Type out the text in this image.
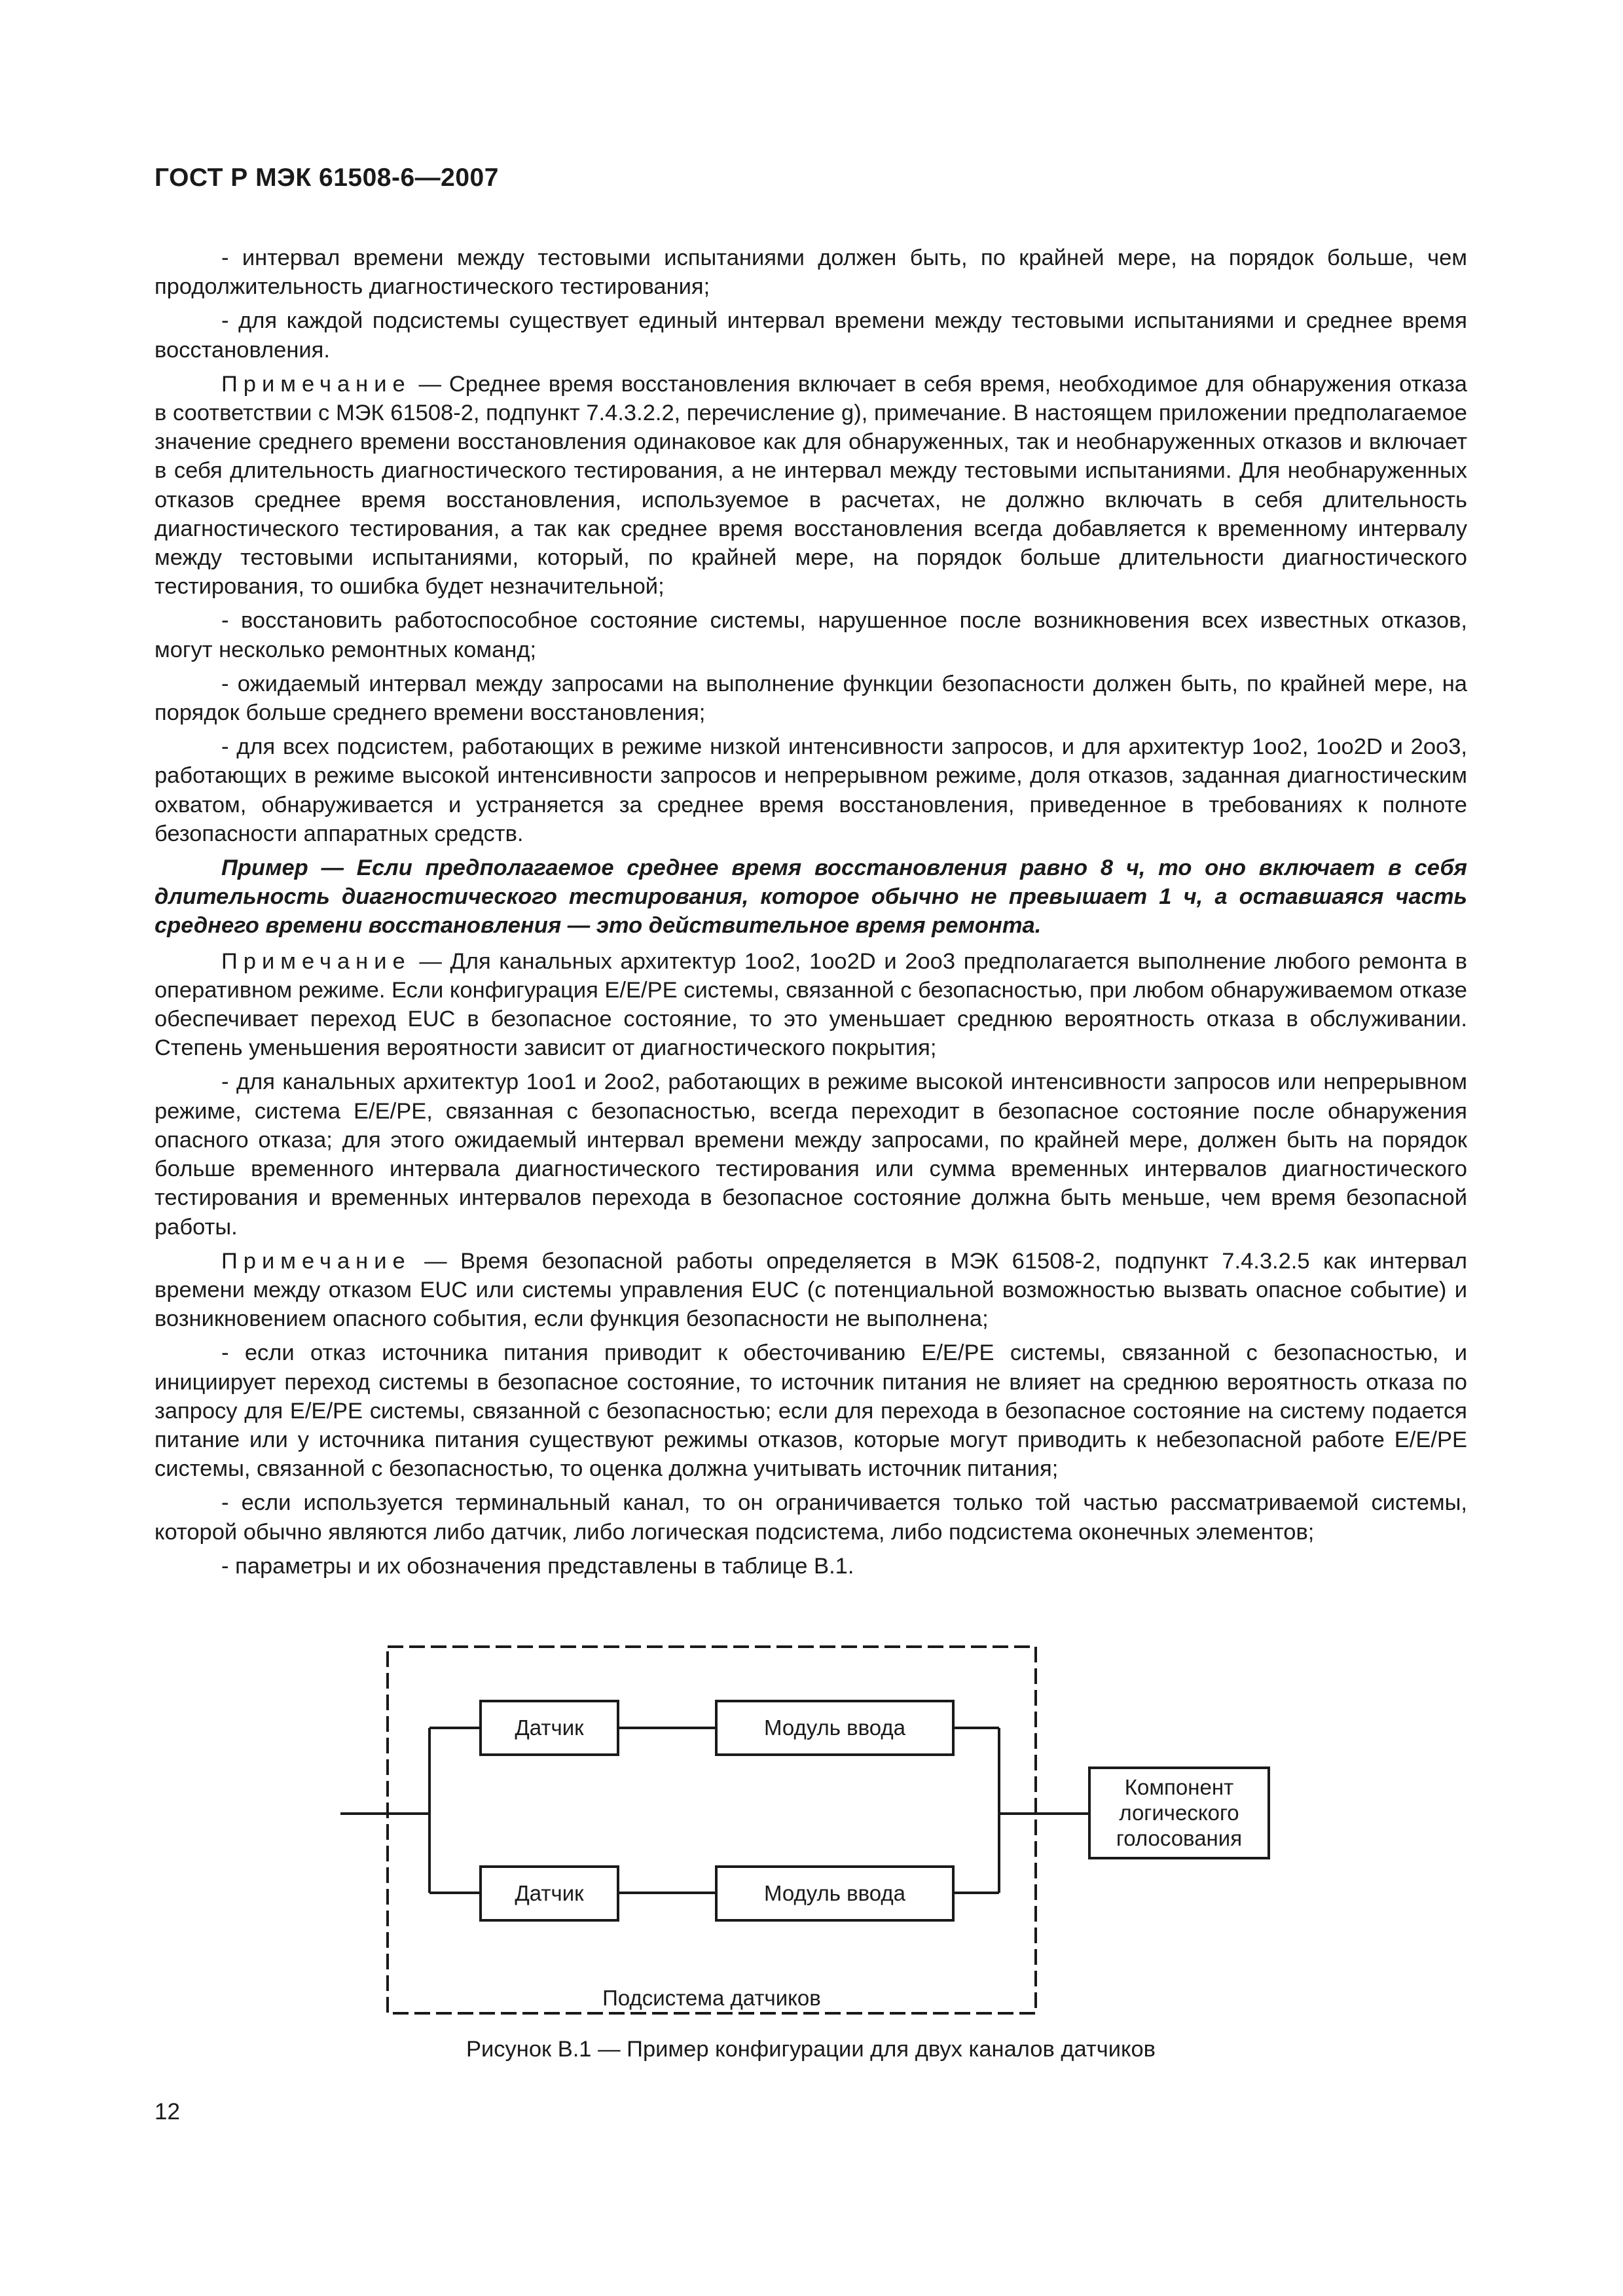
ГОСТ Р МЭК 61508-6—2007

- интервал времени между тестовыми испытаниями должен быть, по крайней мере, на порядок больше, чем продолжительность диагностического тестирования;

- для каждой подсистемы существует единый интервал времени между тестовыми испытаниями и среднее время восстановления.

Примечание — Среднее время восстановления включает в себя время, необходимое для обнаружения отказа в соответствии с МЭК 61508-2, подпункт 7.4.3.2.2, перечисление g), примечание. В настоящем приложении предполагаемое значение среднего времени восстановления одинаковое как для обнаруженных, так и необнаруженных отказов и включает в себя длительность диагностического тестирования, а не интервал между тестовыми испытаниями. Для необнаруженных отказов среднее время восстановления, используемое в расчетах, не должно включать в себя длительность диагностического тестирования, а так как среднее время восстановления всегда добавляется к временному интервалу между тестовыми испытаниями, который, по крайней мере, на порядок больше длительности диагностического тестирования, то ошибка будет незначительной;

- восстановить работоспособное состояние системы, нарушенное после возникновения всех известных отказов, могут несколько ремонтных команд;

- ожидаемый интервал между запросами на выполнение функции безопасности должен быть, по крайней мере, на порядок больше среднего времени восстановления;

- для всех подсистем, работающих в режиме низкой интенсивности запросов, и для архитектур 1oo2, 1oo2D и 2oo3, работающих в режиме высокой интенсивности запросов и непрерывном режиме, доля отказов, заданная диагностическим охватом, обнаруживается и устраняется за среднее время восстановления, приведенное в требованиях к полноте безопасности аппаратных средств.

Пример — Если предполагаемое среднее время восстановления равно 8 ч, то оно включает в себя длительность диагностического тестирования, которое обычно не превышает 1 ч, а оставшаяся часть среднего времени восстановления — это действительное время ремонта.

Примечание — Для канальных архитектур 1oo2, 1oo2D и 2oo3 предполагается выполнение любого ремонта в оперативном режиме. Если конфигурация E/E/PE системы, связанной с безопасностью, при любом обнаруживаемом отказе обеспечивает переход EUC в безопасное состояние, то это уменьшает среднюю вероятность отказа в обслуживании. Степень уменьшения вероятности зависит от диагностического покрытия;

- для канальных архитектур 1oo1 и 2oo2, работающих в режиме высокой интенсивности запросов или непрерывном режиме, система E/E/PE, связанная с безопасностью, всегда переходит в безопасное состояние после обнаружения опасного отказа; для этого ожидаемый интервал времени между запросами, по крайней мере, должен быть на порядок больше временного интервала диагностического тестирования или сумма временных интервалов диагностического тестирования и временных интервалов перехода в безопасное состояние должна быть меньше, чем время безопасной работы.

Примечание — Время безопасной работы определяется в МЭК 61508-2, подпункт 7.4.3.2.5 как интервал времени между отказом EUC или системы управления EUC (с потенциальной возможностью вызвать опасное событие) и возникновением опасного события, если функция безопасности не выполнена;

- если отказ источника питания приводит к обесточиванию E/E/PE системы, связанной с безопасностью, и инициирует переход системы в безопасное состояние, то источник питания не влияет на среднюю вероятность отказа по запросу для E/E/PE системы, связанной с безопасностью; если для перехода в безопасное состояние на систему подается питание или у источника питания существуют режимы отказов, которые могут приводить к небезопасной работе E/E/PE системы, связанной с безопасностью, то оценка должна учитывать источник питания;

- если используется терминальный канал, то он ограничивается только той частью рассматриваемой системы, которой обычно являются либо датчик, либо логическая подсистема, либо подсистема оконечных элементов;

- параметры и их обозначения представлены в таблице B.1.

Датчик
Датчик
Модуль ввода
Модуль ввода
Компонент логического голосования
Подсистема датчиков
Рисунок B.1 — Пример конфигурации для двух каналов датчиков
12
